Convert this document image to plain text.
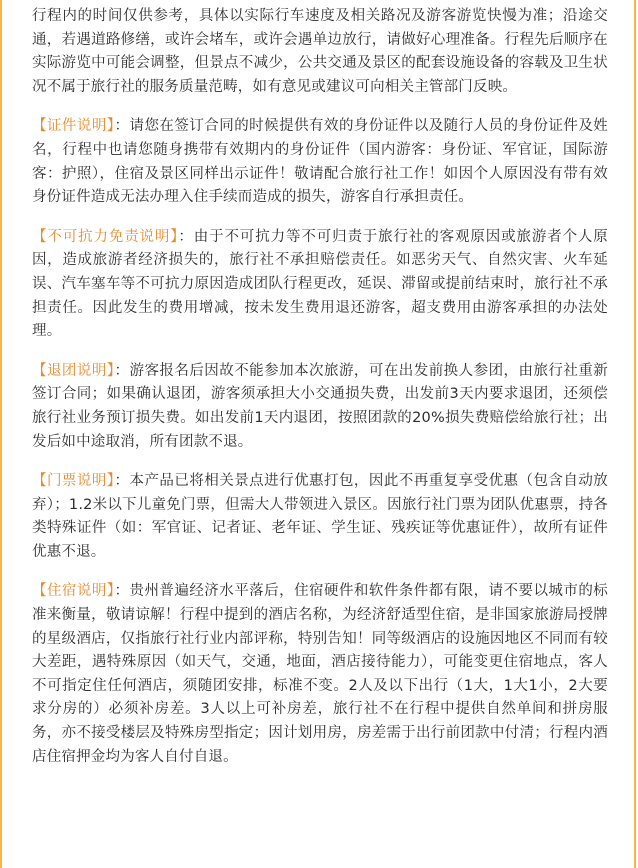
行程内的时间仅供参考，具体以实际行车速度及相关路况及游客游览快慢为准；沿途交通，若遇道路修缮，或许会堵车，或许会遇单边放行，请做好心理准备。行程先后顺序在实际游览中可能会调整，但景点不减少，公共交通及景区的配套设施设备的容载及卫生状况不属于旅行社的服务质量范畴，如有意见或建议可向相关主管部门反映。

【证件说明】：请您在签订合同的时候提供有效的身份证件以及随行人员的身份证件及姓名，行程中也请您随身携带有效期内的身份证件（国内游客：身份证、军官证，国际游客：护照），住宿及景区同样出示证件！敬请配合旅行社工作！如因个人原因没有带有效身份证件造成无法办理入住手续而造成的损失，游客自行承担责任。

【不可抗力免责说明】：由于不可抗力等不可归责于旅行社的客观原因或旅游者个人原因，造成旅游者经济损失的，旅行社不承担赔偿责任。如恶劣天气、自然灾害、火车延误、汽车塞车等不可抗力原因造成团队行程更改，延误、滞留或提前结束时，旅行社不承担责任。因此发生的费用增减，按未发生费用退还游客，超支费用由游客承担的办法处理。

【退团说明】：游客报名后因故不能参加本次旅游，可在出发前换人参团，由旅行社重新签订合同；如果确认退团，游客须承担大小交通损失费，出发前3天内要求退团，还须偿旅行社业务预订损失费。如出发前1天内退团，按照团款的20%损失费赔偿给旅行社；出发后如中途取消，所有团款不退。

【门票说明】：本产品已将相关景点进行优惠打包，因此不再重复享受优惠（包含自动放弃）；1.2米以下儿童免门票，但需大人带领进入景区。因旅行社门票为团队优惠票，持各类特殊证件（如：军官证、记者证、老年证、学生证、残疾证等优惠证件），故所有证件优惠不退。

【住宿说明】：贵州普遍经济水平落后，住宿硬件和软件条件都有限，请不要以城市的标准来衡量，敬请谅解！行程中提到的酒店名称，为经济舒适型住宿，是非国家旅游局授牌的星级酒店，仅指旅行社行业内部评称，特别告知！同等级酒店的设施因地区不同而有较大差距，遇特殊原因（如天气，交通，地面，酒店接待能力），可能变更住宿地点，客人不可指定住任何酒店，须随团安排，标准不变。2人及以下出行（1大，1大1小，2大要求分房的）必须补房差。3人以上可补房差，旅行社不在行程中提供自然单间和拼房服务，亦不接受楼层及特殊房型指定；因计划用房，房差需于出行前团款中付清；行程内酒店住宿押金均为客人自付自退。
